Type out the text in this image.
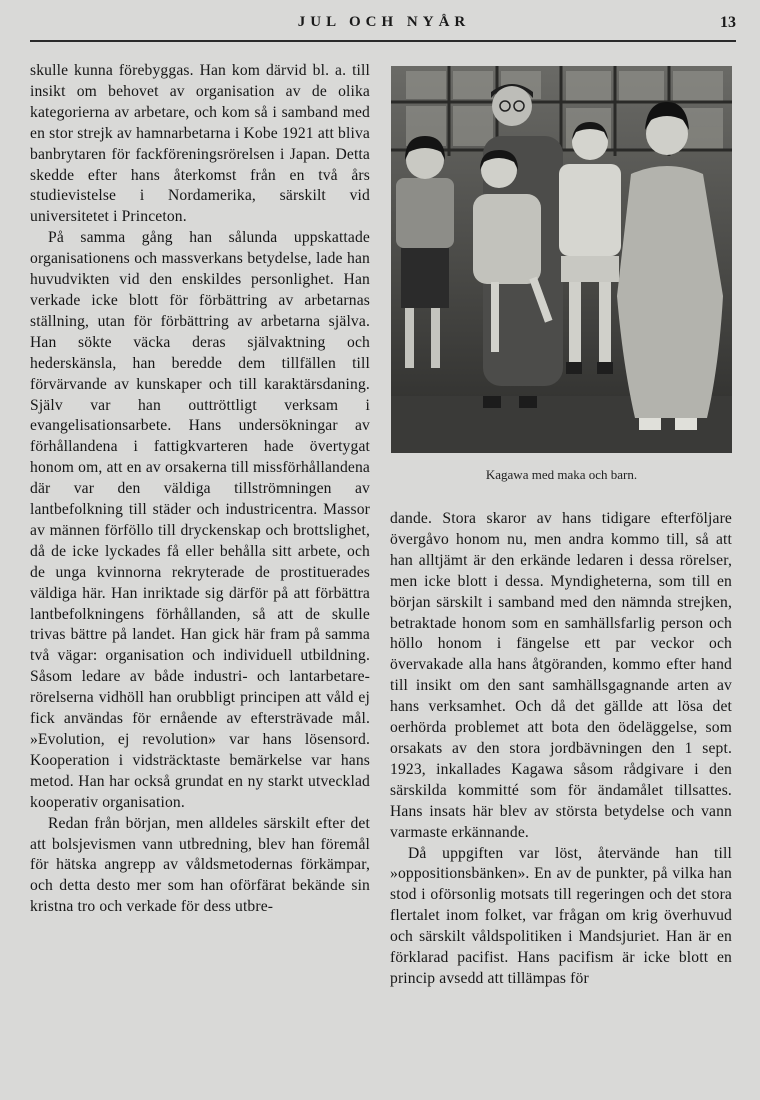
JUL OCH NYÅR	13

skulle kunna förebyggas. Han kom därvid bl. a. till insikt om behovet av organisation av de olika kategorierna av arbetare, och kom så i samband med en stor strejk av hamnarbetarna i Kobe 1921 att bliva banbrytaren för fackföreningsrörelsen i Japan. Detta skedde efter hans återkomst från en två års studievistelse i Nordamerika, särskilt vid universitetet i Princeton.

På samma gång han sålunda uppskattade organisationens och massverkans betydelse, lade han huvudvikten vid den enskildes personlighet. Han verkade icke blott för förbättring av arbetarnas ställning, utan för förbättring av arbetarna själva. Han sökte väcka deras självaktning och hederskänsla, han beredde dem tillfällen till förvärvande av kunskaper och till karaktärsdaning. Själv var han outtröttligt verksam i evangelisationsarbete. Hans undersökningar av förhållandena i fattigkvarteren hade övertygat honom om, att en av orsakerna till missförhållandena där var den väldiga tillströmningen av lantbefolkning till städer och industricentra. Massor av männen förföllo till dryckenskap och brottslighet, då de icke lyckades få eller behålla sitt arbete, och de unga kvinnorna rekryterade de prostituerades väldiga här. Han inriktade sig därför på att förbättra lantbefolkningens förhållanden, så att de skulle trivas bättre på landet. Han gick här fram på samma två vägar: organisation och individuell utbildning. Såsom ledare av både industri- och lantarbetare-rörelserna vidhöll han orubbligt principen att våld ej fick användas för ernående av eftersträvade mål. »Evolution, ej revolution» var hans lösensord. Kooperation i vidsträcktaste bemärkelse var hans metod. Han har också grundat en ny starkt utvecklad kooperativ organisation.

Redan från början, men alldeles särskilt efter det att bolsjevismen vann utbredning, blev han föremål för hätska angrepp av våldsmetodernas förkämpar, och detta desto mer som han oförfärat bekände sin kristna tro och verkade för dess utbre-

Kagawa med maka och barn.

dande. Stora skaror av hans tidigare efterföljare övergåvo honom nu, men andra kommo till, så att han alltjämt är den erkände ledaren i dessa rörelser, men icke blott i dessa. Myndigheterna, som till en början särskilt i samband med den nämnda strejken, betraktade honom som en samhällsfarlig person och höllo honom i fängelse ett par veckor och övervakade alla hans åtgöranden, kommo efter hand till insikt om den sant samhällsgagnande arten av hans verksamhet. Och då det gällde att lösa det oerhörda problemet att bota den ödeläggelse, som orsakats av den stora jordbävningen den 1 sept. 1923, inkallades Kagawa såsom rådgivare i den särskilda kommitté som för ändamålet tillsattes. Hans insats här blev av största betydelse och vann varmaste erkännande.

Då uppgiften var löst, återvände han till »oppositionsbänken». En av de punkter, på vilka han stod i oförsonlig motsats till regeringen och det stora flertalet inom folket, var frågan om krig överhuvud och särskilt våldspolitiken i Mandsjuriet. Han är en förklarad pacifist. Hans pacifism är icke blott en princip avsedd att tillämpas för
